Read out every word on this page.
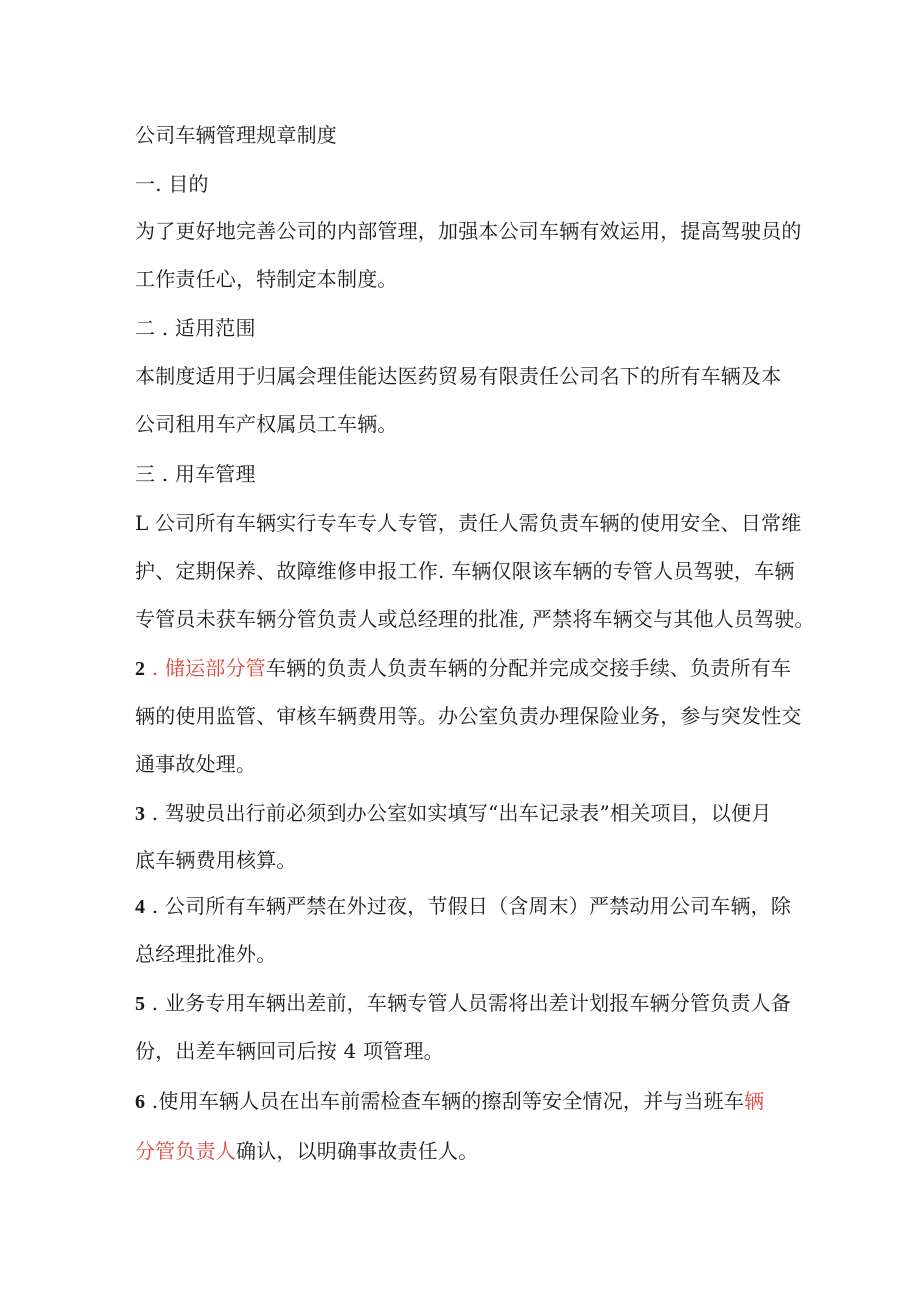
公司车辆管理规章制度
一. 目的
为了更好地完善公司的内部管理，加强本公司车辆有效运用，提高驾驶员的
工作责任心，特制定本制度。
二 . 适用范围
本制度适用于归属会理佳能达医药贸易有限责任公司名下的所有车辆及本
公司租用车产权属员工车辆。
三 . 用车管理
L 公司所有车辆实行专车专人专管，责任人需负责车辆的使用安全、日常维
护、定期保养、故障维修申报工作. 车辆仅限该车辆的专管人员驾驶，车辆
专管员未获车辆分管负责人或总经理的批准, 严禁将车辆交与其他人员驾驶。
2 . 储运部分管车辆的负责人负责车辆的分配并完成交接手续、负责所有车
辆的使用监管、审核车辆费用等。办公室负责办理保险业务，参与突发性交
通事故处理。
3 . 驾驶员出行前必须到办公室如实填写“出车记录表”相关项目，以便月
底车辆费用核算。
4 . 公司所有车辆严禁在外过夜，节假日（含周末）严禁动用公司车辆，除
总经理批准外。
5 . 业务专用车辆出差前，车辆专管人员需将出差计划报车辆分管负责人备
份，出差车辆回司后按 4 项管理。
6 .使用车辆人员在出车前需检查车辆的擦刮等安全情况，并与当班车辆
分管负责人确认，以明确事故责任人。
